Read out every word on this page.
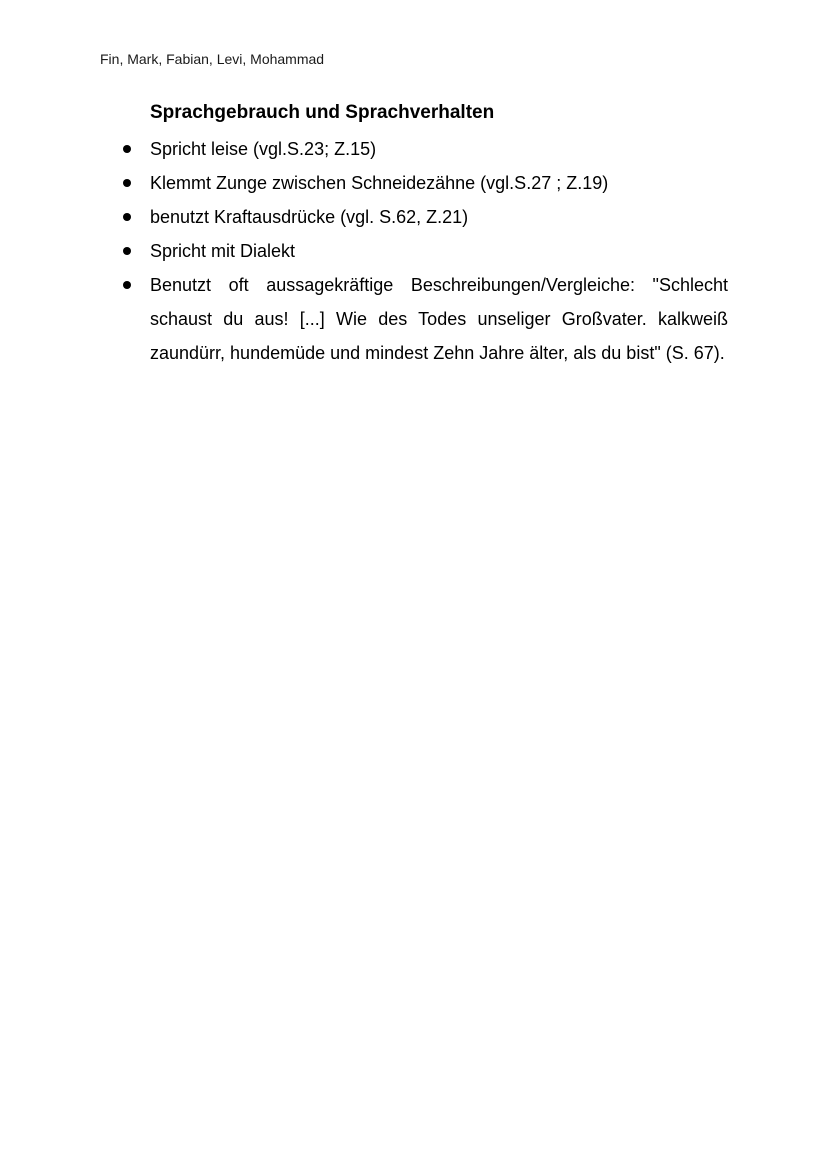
Fin, Mark, Fabian, Levi, Mohammad
Sprachgebrauch und Sprachverhalten
Spricht leise (vgl.S.23; Z.15)
Klemmt Zunge zwischen Schneidezähne (vgl.S.27 ; Z.19)
benutzt Kraftausdrücke (vgl. S.62, Z.21)
Spricht mit Dialekt
Benutzt oft aussagekräftige Beschreibungen/Vergleiche: "Schlecht schaust du aus! [...] Wie des Todes unseliger Großvater. kalkweiß zaundürr, hundemüde und mindest Zehn Jahre älter, als du bist" (S. 67).
